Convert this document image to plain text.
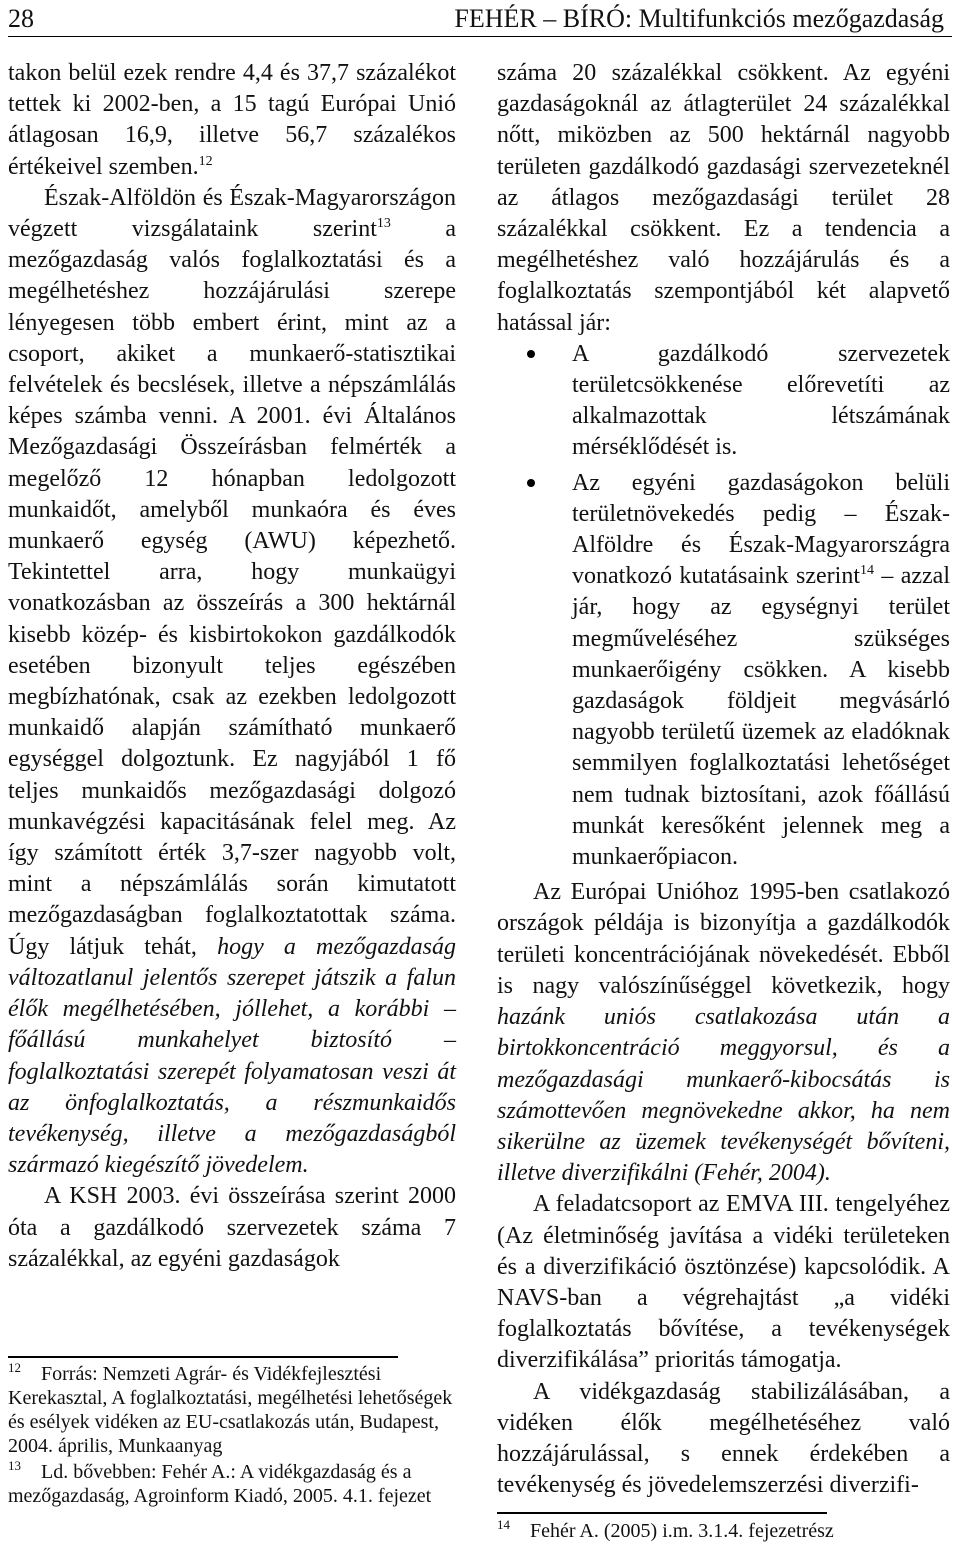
28	FEHÉR – BÍRÓ: Multifunkciós mezőgazdaság

takon belül ezek rendre 4,4 és 37,7 százalékot tettek ki 2002-ben, a 15 tagú Európai Unió átlagosan 16,9, illetve 56,7 százalékos értékeivel szemben.$^{12}$

Észak-Alföldön és Észak-Magyarországon végzett vizsgálataink szerint$^{13}$ a mezőgazdaság valós foglalkoztatási és a megélhetéshez hozzájárulási szerepe lényegesen több embert érint, mint az a csoport, akiket a munkaerő-statisztikai felvételek és becslések, illetve a népszámlálás képes számba venni. A 2001. évi Általános Mezőgazdasági Összeírásban felmérték a megelőző 12 hónapban ledolgozott munkaidőt, amelyből munkaóra és éves munkaerő egység (AWU) képezhető. Tekintettel arra, hogy munkaügyi vonatkozásban az összeírás a 300 hektárnál kisebb közép- és kisbirtokokon gazdálkodók esetében bizonyult teljes egészében megbízhatónak, csak az ezekben ledolgozott munkaidő alapján számítható munkaerő egységgel dolgoztunk. Ez nagyjából 1 fő teljes munkaidős mezőgazdasági dolgozó munkavégzési kapacitásának felel meg. Az így számított érték 3,7-szer nagyobb volt, mint a népszámlálás során kimutatott mezőgazdaságban foglalkoztatottak száma. Úgy látjuk tehát, hogy a mezőgazdaság változatlanul jelentős szerepet játszik a falun élők megélhetésében, jóllehet, a korábbi – főállású munkahelyet biztosító – foglalkoztatási szerepét folyamatosan veszi át az önfoglalkoztatás, a részmunkaidős tevékenység, illetve a mezőgazdaságból származó kiegészítő jövedelem.

A KSH 2003. évi összeírása szerint 2000 óta a gazdálkodó szervezetek száma 7 százalékkal, az egyéni gazdaságok

$^{12}$ Forrás: Nemzeti Agrár- és Vidékfejlesztési Kerekasztal, A foglalkoztatási, megélhetési lehetőségek és esélyek vidéken az EU-csatlakozás után, Budapest, 2004. április, Munkaanyag

$^{13}$ Ld. bővebben: Fehér A.: A vidékgazdaság és a mezőgazdaság, Agroinform Kiadó, 2005. 4.1. fejezet

száma 20 százalékkal csökkent. Az egyéni gazdaságoknál az átlagterület 24 százalékkal nőtt, miközben az 500 hektárnál nagyobb területen gazdálkodó gazdasági szervezeteknél az átlagos mezőgazdasági terület 28 százalékkal csökkent. Ez a tendencia a megélhetéshez való hozzájárulás és a foglalkoztatás szempontjából két alapvető hatással jár:

A gazdálkodó szervezetek területcsökkenése előrevetíti az alkalmazottak létszámának mérséklődését is.
Az egyéni gazdaságokon belüli területnövekedés pedig – Észak-Alföldre és Észak-Magyarországra vonatkozó kutatásaink szerint$^{14}$ – azzal jár, hogy az egységnyi terület megműveléséhez szükséges munkaerőigény csökken. A kisebb gazdaságok földjeit megvásárló nagyobb területű üzemek az eladóknak semmilyen foglalkoztatási lehetőséget nem tudnak biztosítani, azok főállású munkát keresőként jelennek meg a munkaerőpiacon.

Az Európai Unióhoz 1995-ben csatlakozó országok példája is bizonyítja a gazdálkodók területi koncentrációjának növekedését. Ebből is nagy valószínűséggel következik, hogy hazánk uniós csatlakozása után a birtokkoncentráció meggyorsul, és a mezőgazdasági munkaerő-kibocsátás is számottevően megnövekedne akkor, ha nem sikerülne az üzemek tevékenységét bővíteni, illetve diverzifikálni (Fehér, 2004).

A feladatcsoport az EMVA III. tengelyéhez (Az életminőség javítása a vidéki területeken és a diverzifikáció ösztönzése) kapcsolódik. A NAVS-ban a végrehajtást „a vidéki foglalkoztatás bővítése, a tevékenységek diverzifikálása” prioritás támogatja.

A vidékgazdaság stabilizálásában, a vidéken élők megélhetéséhez való hozzájárulással, s ennek érdekében a tevékenység és jövedelemszerzési diverzifi-

$^{14}$ Fehér A. (2005) i.m. 3.1.4. fejezetrész
